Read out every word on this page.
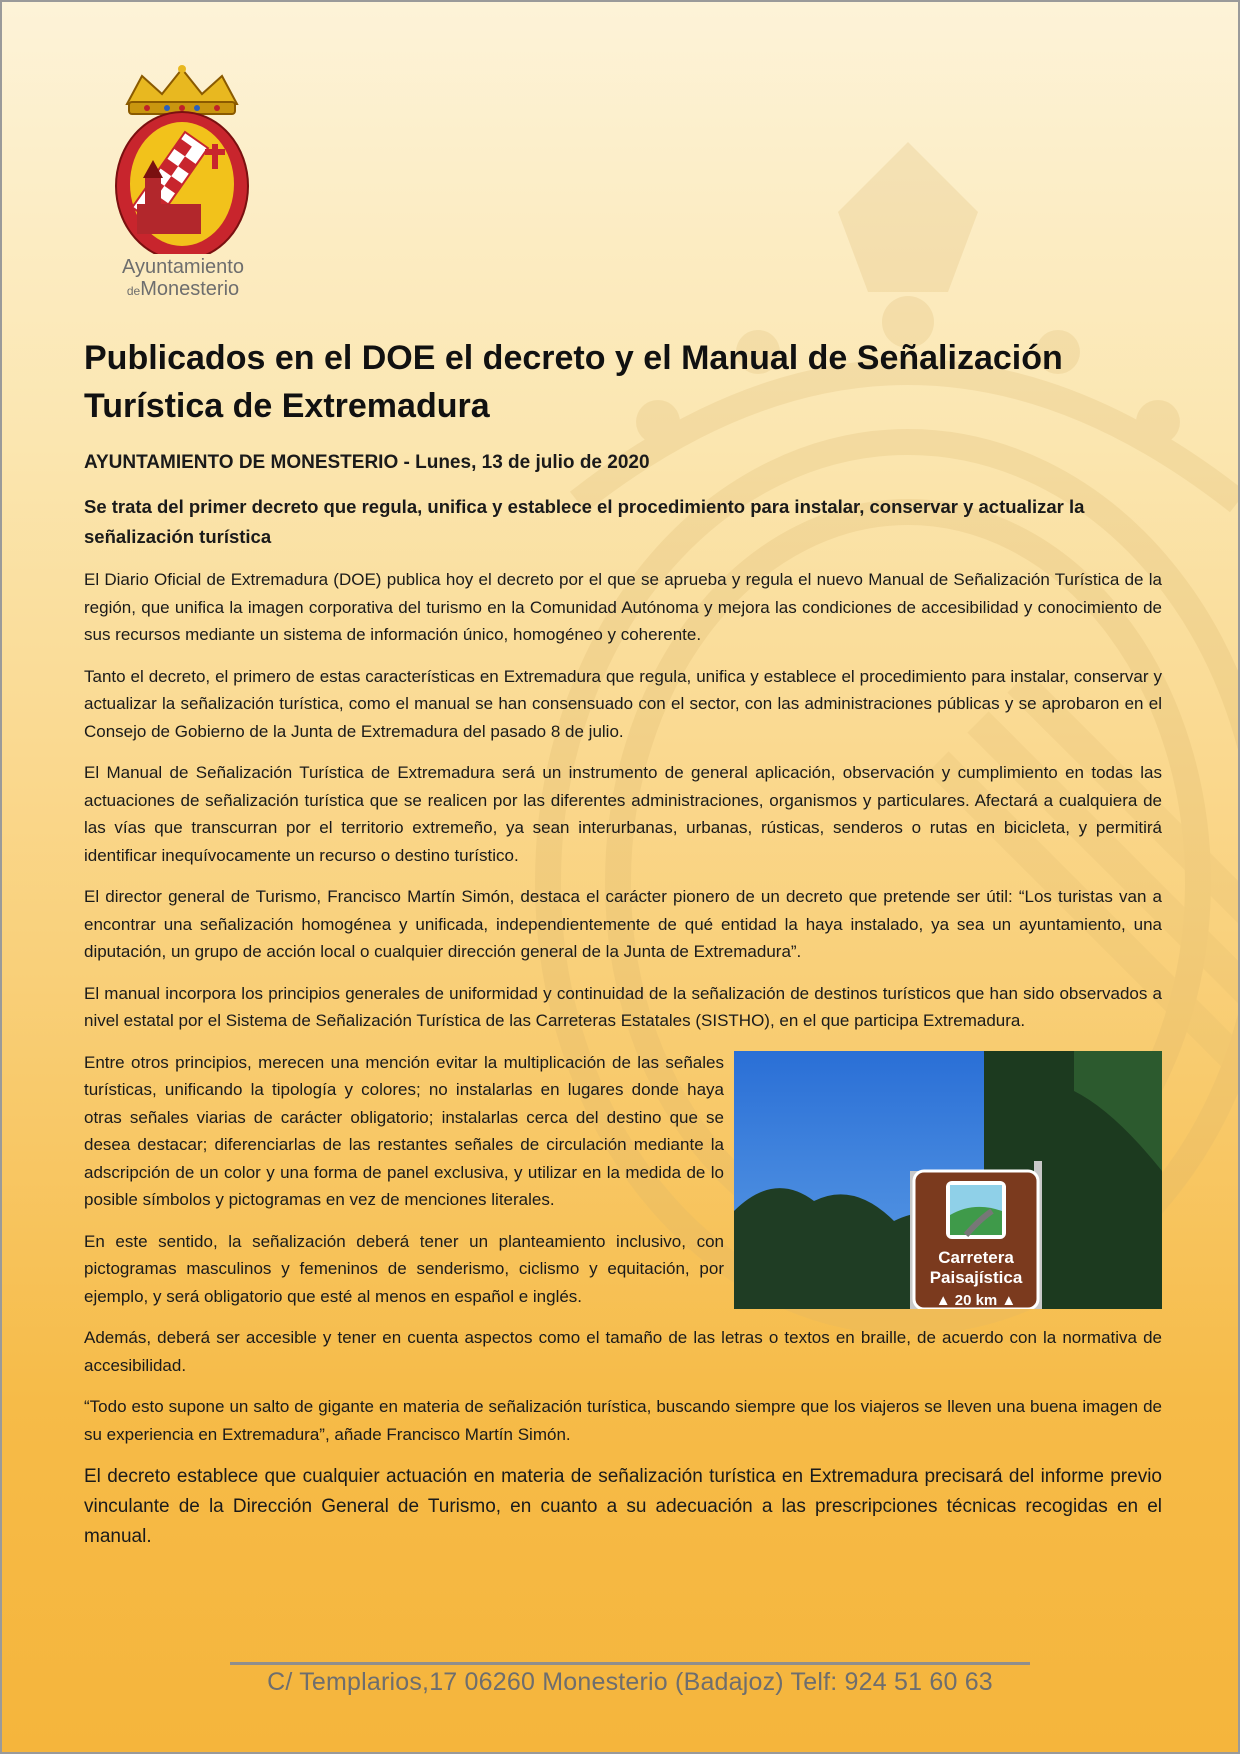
Ayuntamiento
deMonesterio
Publicados en el DOE el decreto y el Manual de Señalización Turística de Extremadura
AYUNTAMIENTO DE MONESTERIO - Lunes, 13 de julio de 2020
Se trata del primer decreto que regula, unifica y establece el procedimiento para instalar, conservar y actualizar la señalización turística

El Diario Oficial de Extremadura (DOE) publica hoy el decreto por el que se aprueba y regula el nuevo Manual de Señalización Turística de la región, que unifica la imagen corporativa del turismo en la Comunidad Autónoma y mejora las condiciones de accesibilidad y conocimiento de sus recursos mediante un sistema de información único, homogéneo y coherente.

Tanto el decreto, el primero de estas características en Extremadura que regula, unifica y establece el procedimiento para instalar, conservar y actualizar la señalización turística, como el manual se han consensuado con el sector, con las administraciones públicas y se aprobaron en el Consejo de Gobierno de la Junta de Extremadura del pasado 8 de julio.

El Manual de Señalización Turística de Extremadura será un instrumento de general aplicación, observación y cumplimiento en todas las actuaciones de señalización turística que se realicen por las diferentes administraciones, organismos y particulares. Afectará a cualquiera de las vías que transcurran por el territorio extremeño, ya sean interurbanas, urbanas, rústicas, senderos o rutas en bicicleta, y permitirá identificar inequívocamente un recurso o destino turístico.

El director general de Turismo, Francisco Martín Simón, destaca el carácter pionero de un decreto que pretende ser útil: “Los turistas van a encontrar una señalización homogénea y unificada, independientemente de qué entidad la haya instalado, ya sea un ayuntamiento, una diputación, un grupo de acción local o cualquier dirección general de la Junta de Extremadura”.

El manual incorpora los principios generales de uniformidad y continuidad de la señalización de destinos turísticos que han sido observados a nivel estatal por el Sistema de Señalización Turística de las Carreteras Estatales (SISTHO), en el que participa Extremadura.

Carretera
Paisajística
▲ 20 km ▲
Entre otros principios, merecen una mención evitar la multiplicación de las señales turísticas, unificando la tipología y colores; no instalarlas en lugares donde haya otras señales viarias de carácter obligatorio; instalarlas cerca del destino que se desea destacar; diferenciarlas de las restantes señales de circulación mediante la adscripción de un color y una forma de panel exclusiva, y utilizar en la medida de lo posible símbolos y pictogramas en vez de menciones literales.

En este sentido, la señalización deberá tener un planteamiento inclusivo, con pictogramas masculinos y femeninos de senderismo, ciclismo y equitación, por ejemplo, y será obligatorio que esté al menos en español e inglés.

Además, deberá ser accesible y tener en cuenta aspectos como el tamaño de las letras o textos en braille, de acuerdo con la normativa de accesibilidad.

“Todo esto supone un salto de gigante en materia de señalización turística, buscando siempre que los viajeros se lleven una buena imagen de su experiencia en Extremadura”, añade Francisco Martín Simón.

El decreto establece que cualquier actuación en materia de señalización turística en Extremadura precisará del informe previo vinculante de la Dirección General de Turismo, en cuanto a su adecuación a las prescripciones técnicas recogidas en el manual.

C/ Templarios,17 06260 Monesterio (Badajoz) Telf: 924 51 60 63
